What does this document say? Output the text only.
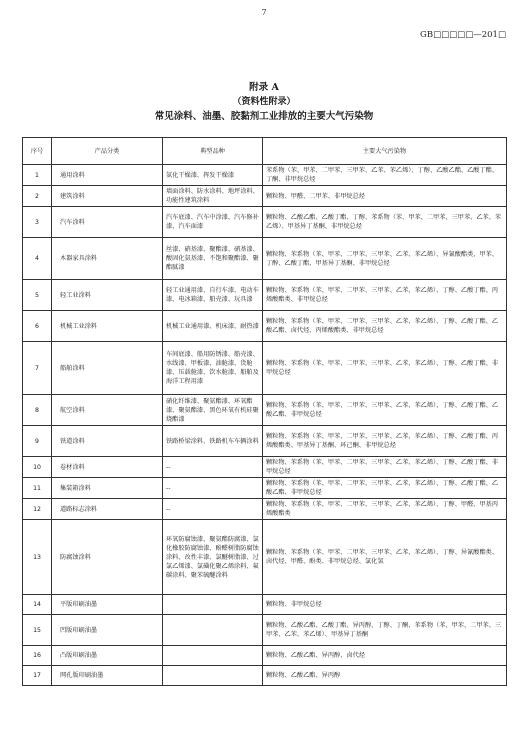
7
GB□□□□□—201□

附录 A

（资料性附录）

常见涂料、油墨、胶黏剂工业排放的主要大气污染物

序号	产品分类	典型品种	主要大气污染物
1	通用涂料	氨化干燥漆、挥发干燥漆	苯系物（苯、甲苯、二甲苯、三甲苯、乙苯、苯乙烯）、丁醇、乙酸乙酯、乙酸丁酯、丁酮、非甲烷总烃
2	建筑涂料	墙面涂料、防水涂料、地坪涂料、功能性建筑涂料	颗粒物、甲醛、二甲苯、非甲烷总烃
3	汽车涂料	汽车底漆、汽车中涂漆、汽车修补漆、汽车面漆	颗粒物、乙酸乙酯、乙酸丁酯、丁醇、苯系物（苯、甲苯、二甲苯、三甲苯、乙苯、苯乙烯）、甲基异丁基酮、非甲烷总烃
4	木器家具涂料	丝漆、硝基漆、聚酯漆、硝基漆、酸固化氨基漆、不饱和聚酯漆、聚酯腻漆	颗粒物、苯系物（苯、甲苯、二甲苯、三甲苯、乙苯、苯乙烯）、异氰酸酯类、甲苯、丁醇、乙酸丁酯、甲基异丁基酮、非甲烷总烃
5	轻工业涂料	轻工业通用漆、自行车漆、电动车漆、电冰箱漆、船壳漆、玩具漆	颗粒物、苯系物（苯、甲苯、二甲苯、三甲苯、乙苯、苯乙烯）、丁醇、乙酸丁酯、丙烯酸酯类、非甲烷总烃
6	机械工业涂料	机械工业通用漆、机床漆、耐热漆	颗粒物、苯系物（苯、甲苯、二甲苯、三甲苯、乙苯、苯乙烯）、丁醇、乙酸丁酯、乙酸乙酯、卤代烃、丙烯酸酯类、非甲烷总烃
7	船舶涂料	车间底漆、船用防锈漆、船壳漆、水线漆、甲板漆、油舱漆、货舱漆、压载舱漆、饮水舱漆、船舶及海洋工程用漆	颗粒物、苯系物（苯、甲苯、二甲苯、三甲苯、乙苯、苯乙烯）、丁醇、乙酸丁酯、非甲烷总烃
8	航空涂料	硝化纤维漆、聚氨酯漆、环氧酯漆、聚氨酯漆、黑色环氧有机硅聚烧酯漆	颗粒物、苯系物（苯、甲苯、二甲苯、三甲苯、乙苯、苯乙烯）、丁醇、乙酸丁酯、乙酸乙酯、非甲烷总烃
9	铁道涂料	铁路桥梁涂料、铁路机车车辆涂料	颗粒物、苯系物（苯、甲苯、二甲苯、三甲苯、乙苯、苯乙烯）、丁醇、乙酸丁酯、丙烯酸酯类、甲基异丁基酮、环己酮、非甲烷总烃
10	卷材涂料	--	颗粒物、苯系物（苯、甲苯、二甲苯、三甲苯、乙苯、苯乙烯）、丁醇、乙酸丁酯、非甲烷总烃
11	集装箱涂料	--	颗粒物、苯系物（苯、甲苯、二甲苯、三甲苯、乙苯、苯乙烯）、丁醇、乙酸丁酯、乙酸乙酯、非甲烷总烃
12	道路标志涂料	--	颗粒物、苯系物（苯、甲苯、二甲苯、三甲苯、乙苯、苯乙烯）、丁醇、甲醛、甲基丙烯酸酯类
13	防腐蚀涂料	环氧防腐蚀漆、聚氨酯防腐漆、氯化橡胶防腐蚀漆、酚醛树脂防腐蚀涂料、改性丰漆、氯醚树脂漆、过氯乙烯漆、氯磺化聚乙烯涂料、氟碳涂料、聚苯硫醚涂料	颗粒物、苯系物（苯、甲苯、二甲苯、三甲苯、乙苯、苯乙烯）、丁醇、异氰酸酯类、卤代烃、甲醛、酚类、非甲烷总烃、氯化氢
14	平版印刷油墨		颗粒物、非甲烷总烃
15	凹版印刷油墨		颗粒物、乙酸乙酯、乙酸丁酯、异丙醇、丁醇、丁酮、苯系物（苯、甲苯、二甲苯、三甲苯、乙苯、苯乙烯）、甲基异丁基酮
16	凸版印刷油墨		颗粒物、乙酸乙酯、异丙醇、卤代烃
17	网孔版印刷油墨		颗粒物、乙酸乙酯、异丙醇
